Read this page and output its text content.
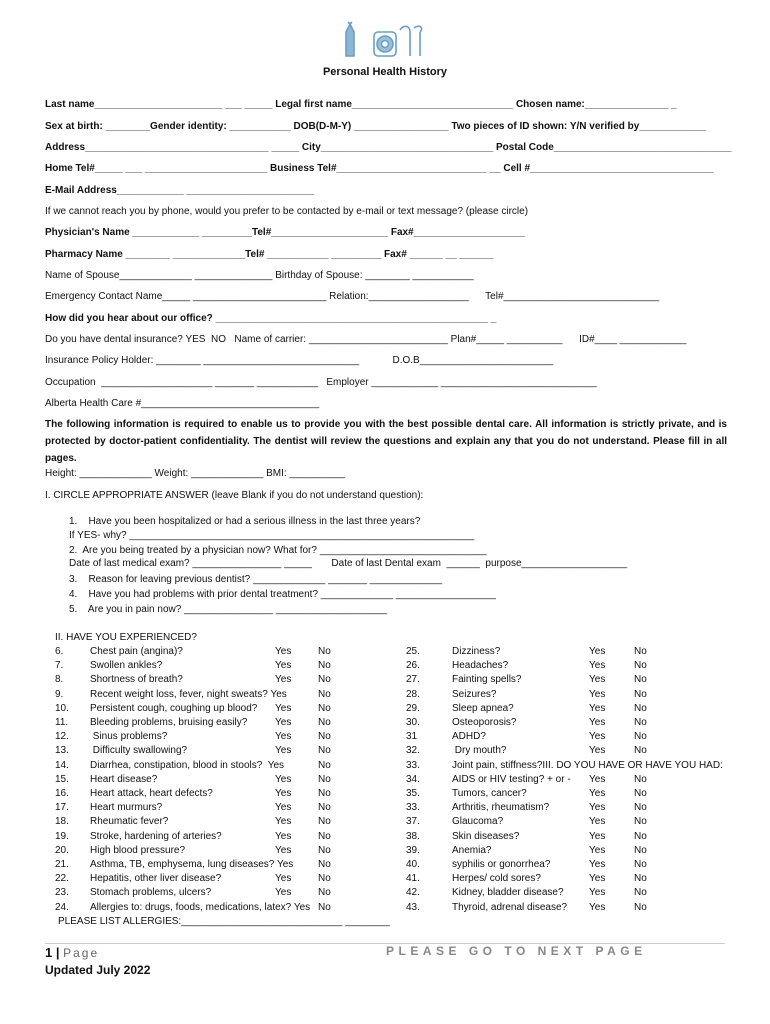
Personal Health History
Last name_______________________ ___ _____ Legal first name_____________________________ Chosen name:_______________ _
Sex at birth: ________Gender identity: ___________ DOB(D-M-Y) _________________ Two pieces of ID shown: Y/N verified by____________
Address_________________________________ _____ City_______________________________ Postal Code________________________________
Home Tel#_____ ___ ______________________ Business Tel#___________________________ __ Cell #_________________________________
E-Mail Address____________ _______________________
If we cannot reach you by phone, would you prefer to be contacted by e-mail or text message? (please circle)
Physician's Name ____________ _________Tel#_____________________ Fax#____________________
Pharmacy Name ________ _____________Tel# ___________ _________ Fax# ______ __ ______
Name of Spouse_____________ ______________ Birthday of Spouse: ________ ___________
Emergency Contact Name_____ ________________________ Relation:__________________      Tel#____________________________
How did you hear about our office? _________________________________________________ _
Do you have dental insurance? YES  NO   Name of carrier: _________________________ Plan#_____ __________      ID#____ ____________
Insurance Policy Holder: ________ ____________________________            D.O.B________________________
Occupation  ____________________ _______ ___________   Employer ____________ ____________________________
Alberta Health Care #________________________________
The following information is required to enable us to provide you with the best possible dental care. All information is strictly private, and is protected by doctor-patient confidentiality. The dentist will review the questions and explain any that you do not understand. Please fill in all pages.
Height: _____________ Weight: _____________ BMI: __________
I. CIRCLE APPROPRIATE ANSWER (leave Blank if you do not understand question):
1.    Have you been hospitalized or had a serious illness in the last three years?
If YES- why? ______________________________________________________________
2.  Are you being treated by a physician now? What for? ______________________________
Date of last medical exam? ________________ _____       Date of last Dental exam  ______  purpose___________________
3.    Reason for leaving previous dentist? _____________ _______ _____________
4.    Have you had problems with prior dental treatment? _____________ __________________
5.    Are you in pain now? ________________ ____________________
II. HAVE YOU EXPERIENCED?
6.	Chest pain (angina)?	Yes	No
7.	Swollen ankles?	Yes	No
8.	Shortness of breath?	Yes	No
9.	Recent weight loss, fever, night sweats? Yes	No
10. Persistent cough, coughing up blood? Yes	No
11. Bleeding problems, bruising easily?	Yes	No
12. Sinus problems?	Yes	No
13. Difficulty swallowing?	Yes	No
14. Diarrhea, constipation, blood in stools?  Yes	No
15. Heart disease?	Yes	No
16. Heart attack, heart defects?	Yes	No
17. Heart murmurs?	Yes	No
18. Rheumatic fever?	Yes	No
19. Stroke, hardening of arteries?	Yes	No
20. High blood pressure?	Yes	No
21. Asthma, TB, emphysema, lung diseases? Yes No
22. Hepatitis, other liver disease?	Yes	No
23. Stomach problems, ulcers?	Yes	No
24. Allergies to: drugs, foods, medications, latex? Yes No
25.	Dizziness?	Yes	No
26.	Headaches?	Yes	No
27.	Fainting spells?	Yes	No
28.	Seizures?	Yes	No
29.	Sleep apnea?	Yes	No
30.	Osteoporosis?	Yes	No
31	ADHD?	Yes	No
32.	Dry mouth?	Yes	No
33.	Joint pain, stiffness?III. DO YOU HAVE OR HAVE YOU HAD:
34.	AIDS or HIV testing? + or - Yes	No
35.	Tumors, cancer?	Yes	No
33.	Arthritis, rheumatism?	Yes	No
37.	Glaucoma?	Yes	No
38.	Skin diseases?	Yes	No
39.	Anemia?	Yes	No
40.	syphilis or gonorrhea?	Yes	No
41.	Herpes/ cold sores?	Yes	No
42.	Kidney, bladder disease?	Yes	No
43.	Thyroid, adrenal disease? Yes	No
PLEASE LIST ALLERGIES:_____________________________ ________
1 | Page
Updated July 2022
PLEASE GO TO NEXT PAGE
